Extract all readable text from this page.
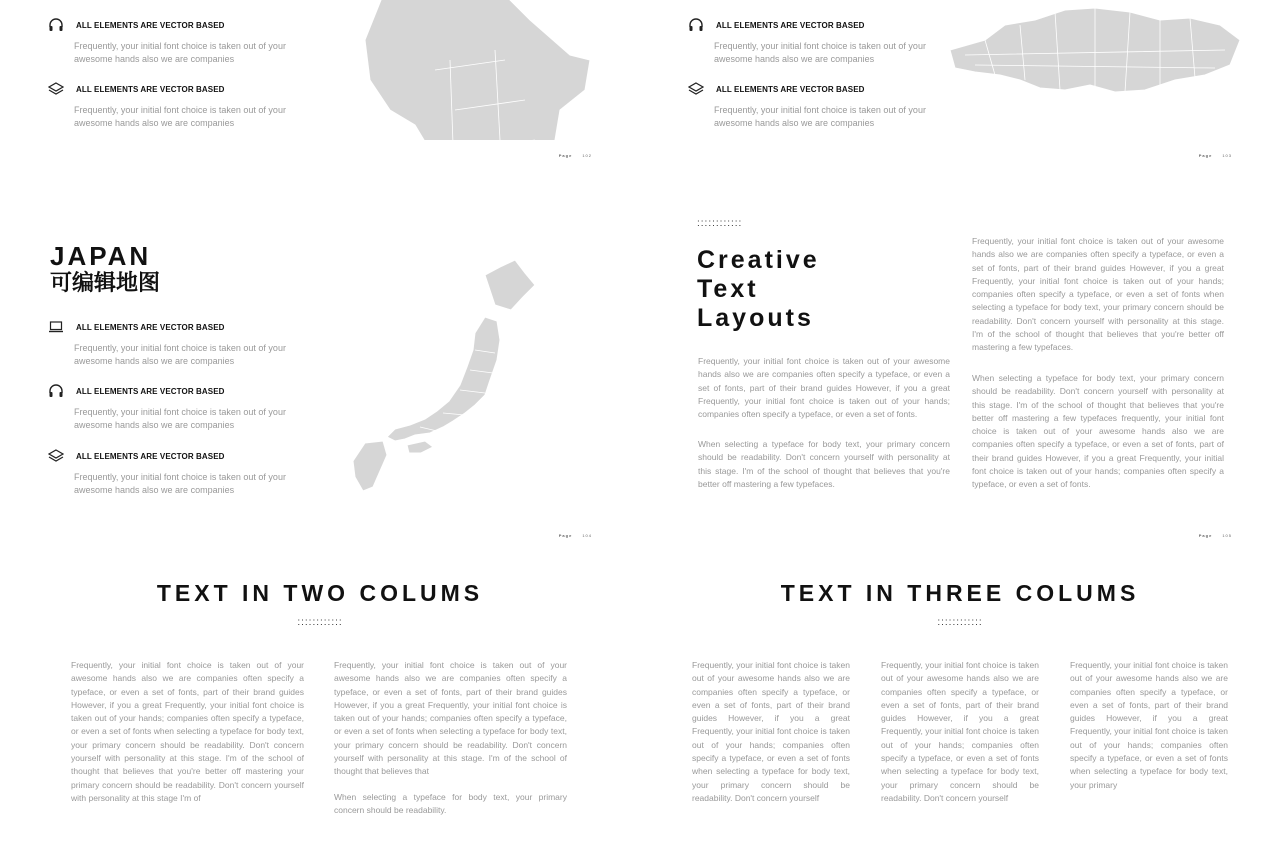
ALL ELEMENTS ARE VECTOR BASED
Frequently, your initial font choice is taken out of your awesome hands also we are companies
ALL ELEMENTS ARE VECTOR BASED
Frequently, your initial font choice is taken out of your awesome hands also we are companies
Page	102
ALL ELEMENTS ARE VECTOR BASED
Frequently, your initial font choice is taken out of your awesome hands also we are companies
ALL ELEMENTS ARE VECTOR BASED
Frequently, your initial font choice is taken out of your awesome hands also we are companies
Page	103
JAPAN
可编辑地图
ALL ELEMENTS ARE VECTOR BASED
Frequently, your initial font choice is taken out of your awesome hands also we are companies
ALL ELEMENTS ARE VECTOR BASED
Frequently, your initial font choice is taken out of your awesome hands also we are companies
ALL ELEMENTS ARE VECTOR BASED
Frequently, your initial font choice is taken out of your awesome hands also we are companies
Page	104
::::::::::::
Creative
Text
Layouts

Frequently, your initial font choice is taken out of your awesome hands also we are companies often specify a typeface, or even a set of fonts, part of their brand guides However, if you a great Frequently, your initial font choice is taken out of your hands; companies often specify a typeface, or even a set of fonts.

When selecting a typeface for body text, your primary concern should be readability. Don't concern yourself with personality at this stage. I'm of the school of thought that believes that you're better off mastering a few typefaces.

Frequently, your initial font choice is taken out of your awesome hands also we are companies often specify a typeface, or even a set of fonts, part of their brand guides However, if you a great Frequently, your initial font choice is taken out of your hands; companies often specify a typeface, or even a set of fonts when selecting a typeface for body text, your primary concern should be readability. Don't concern yourself with personality at this stage. I'm of the school of thought that believes that you're better off mastering a few typefaces.

When selecting a typeface for body text, your primary concern should be readability. Don't concern yourself with personality at this stage. I'm of the school of thought that believes that you're better off mastering a few typefaces frequently, your initial font choice is taken out of your awesome hands also we are companies often specify a typeface, or even a set of fonts, part of their brand guides However, if you a great Frequently, your initial font choice is taken out of your hands; companies often specify a typeface, or even a set of fonts.

Page	105
TEXT IN TWO COLUMS
::::::::::::

Frequently, your initial font choice is taken out of your awesome hands also we are companies often specify a typeface, or even a set of fonts, part of their brand guides However, if you a great Frequently, your initial font choice is taken out of your hands; companies often specify a typeface, or even a set of fonts when selecting a typeface for body text, your primary concern should be readability. Don't concern yourself with personality at this stage. I'm of the school of thought that believes that you're better off mastering your primary concern should be readability. Don't concern yourself with personality at this stage I'm of

Frequently, your initial font choice is taken out of your awesome hands also we are companies often specify a typeface, or even a set of fonts, part of their brand guides However, if you a great Frequently, your initial font choice is taken out of your hands; companies often specify a typeface, or even a set of fonts when selecting a typeface for body text, your primary concern should be readability. Don't concern yourself with personality at this stage. I'm of the school of thought that believes that

When selecting a typeface for body text, your primary concern should be readability.

TEXT IN THREE COLUMS
::::::::::::

Frequently, your initial font choice is taken out of your awesome hands also we are companies often specify a typeface, or even a set of fonts, part of their brand guides However, if you a great Frequently, your initial font choice is taken out of your hands; companies often specify a typeface, or even a set of fonts when selecting a typeface for body text, your primary concern should be readability. Don't concern yourself

Frequently, your initial font choice is taken out of your awesome hands also we are companies often specify a typeface, or even a set of fonts, part of their brand guides However, if you a great Frequently, your initial font choice is taken out of your hands; companies often specify a typeface, or even a set of fonts when selecting a typeface for body text, your primary concern should be readability. Don't concern yourself

Frequently, your initial font choice is taken out of your awesome hands also we are companies often specify a typeface, or even a set of fonts, part of their brand guides However, if you a great Frequently, your initial font choice is taken out of your hands; companies often specify a typeface, or even a set of fonts when selecting a typeface for body text, your primary
